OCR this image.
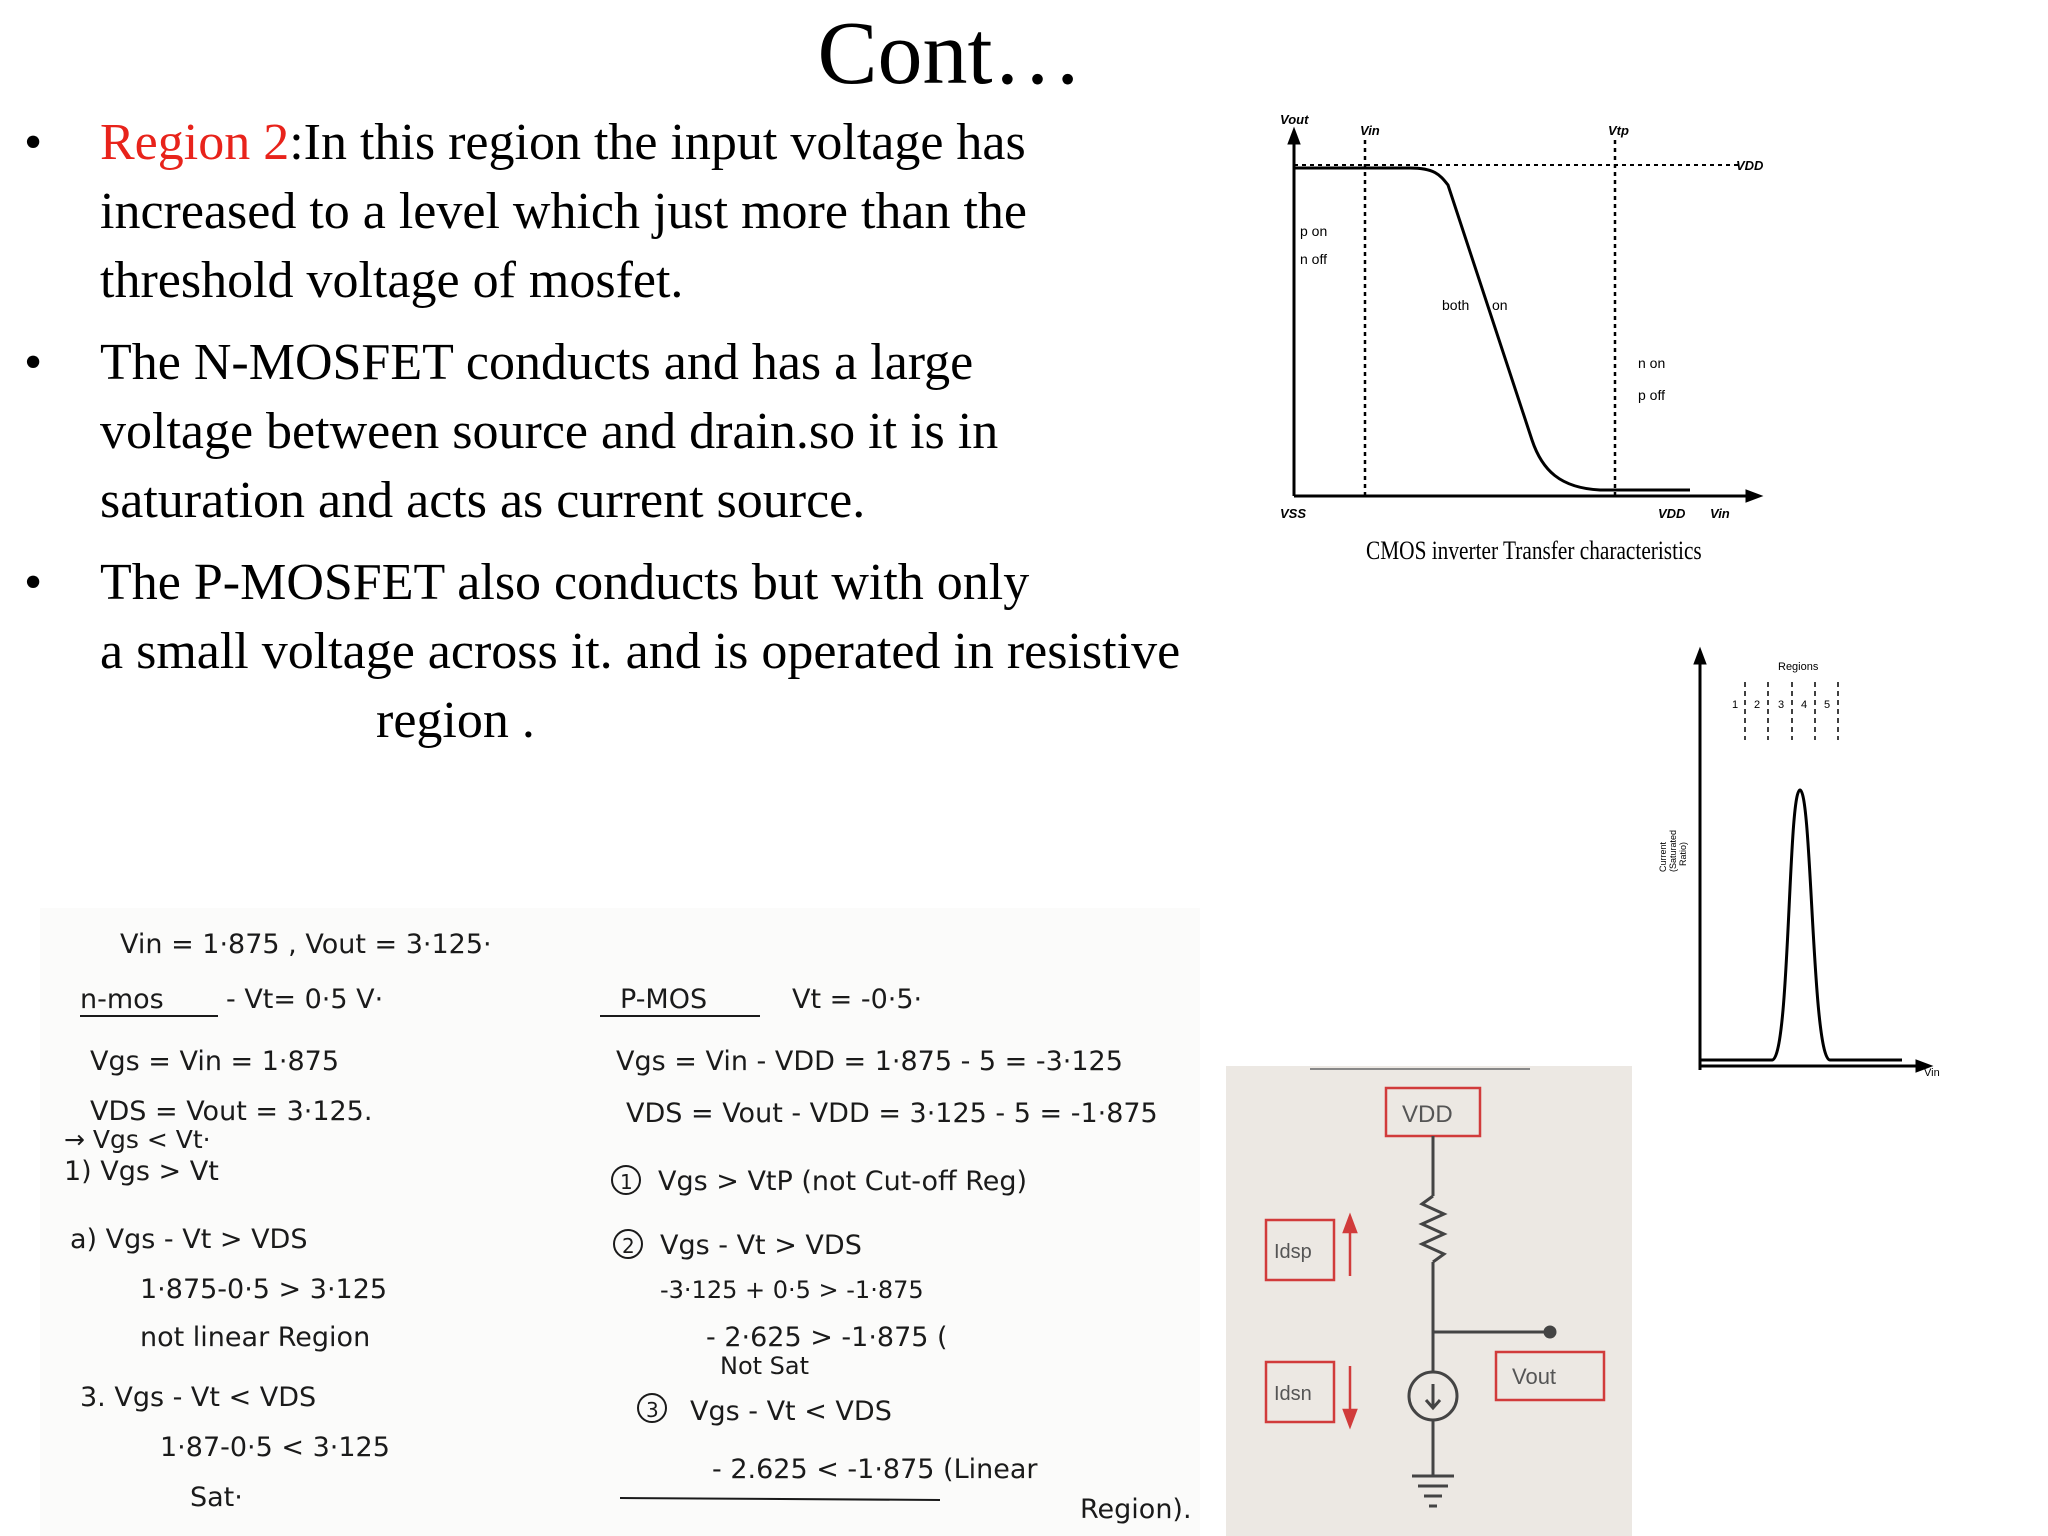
Cont…
• Region 2:In this region the input voltage has
increased to a level which just more than the
threshold voltage of mosfet.
• The N-MOSFET conducts and has a large
voltage between source and drain.so it is in
saturation and acts as current source.
• The P-MOSFET also conducts but with only
a small voltage across it. and is operated in resistive
region .
Vout
Vin	Vtp
VDD
VSS	VDD Vin
p on
n off
both on
n on
p off
CMOS inverter Transfer characteristics
Regions
1 2 3 4 5
Vin
Current (Saturated Ratio)
Vin = 1·875 , Vout = 3·125·
n-mos - Vt= 0·5 V·
Vgs = Vin = 1·875
VDS = Vout = 3·125.
→ Vgs < Vt·
1) Vgs > Vt
a) Vgs - Vt > VDS
1·875-0·5 > 3·125
not linear Region
3. Vgs - Vt < VDS
1·87-0·5 < 3·125
Sat·
P-MOS	Vt = -0·5·
Vgs = Vin - VDD = 1·875 - 5 = -3·125
VDS = Vout - VDD = 3·125 - 5 = -1·875
1 Vgs > VtP (not Cut-off Reg)
2 Vgs - Vt > VDS
-3·125 + 0·5 > -1·875
- 2·625 > -1·875 (
Not Sat
3 Vgs - Vt < VDS
- 2.625 < -1·875 (Linear
Region).
VDD
Idsp
Idsn
Vout
